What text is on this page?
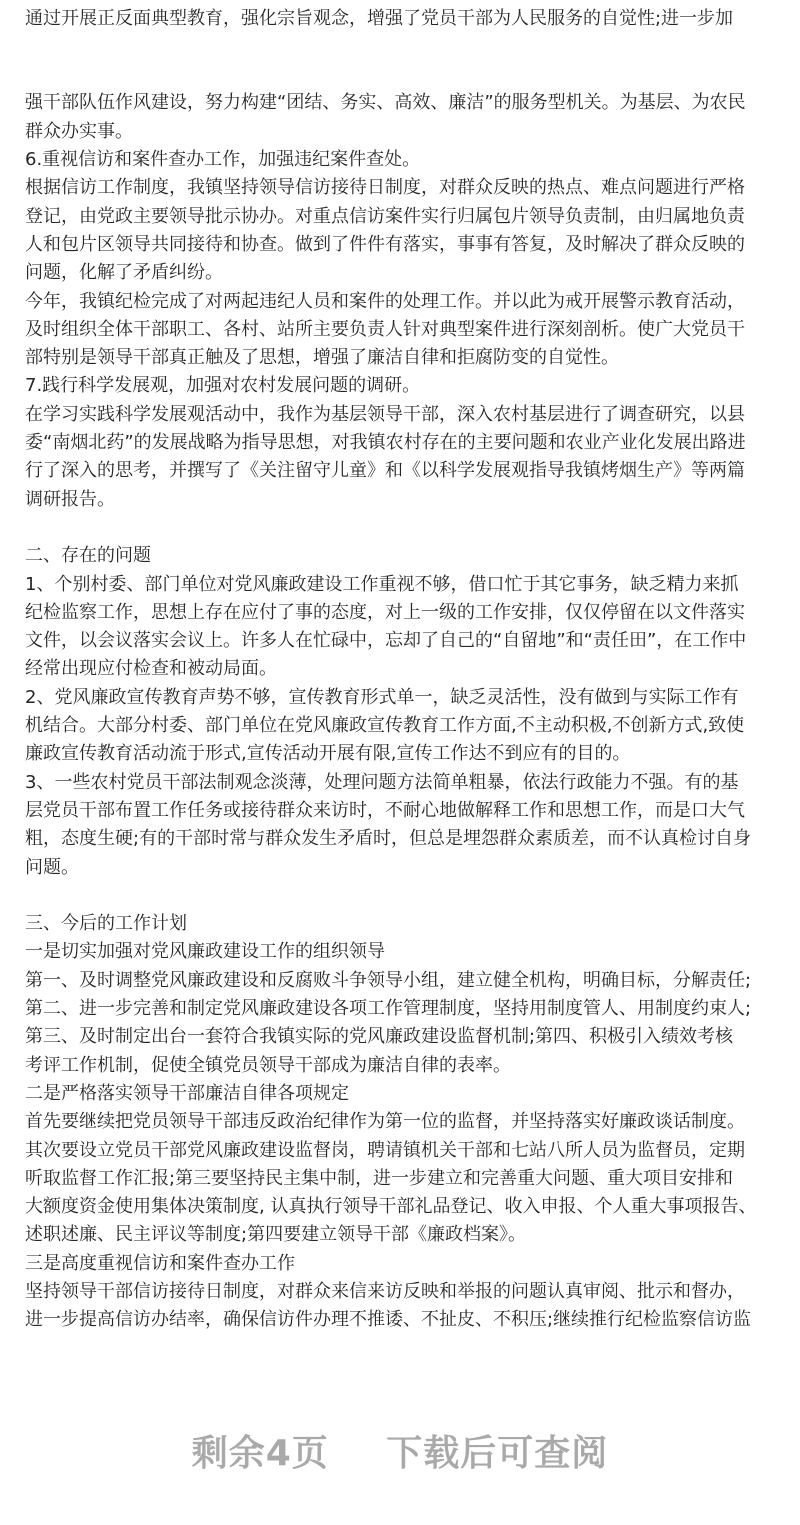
通过开展正反面典型教育，强化宗旨观念，增强了党员干部为人民服务的自觉性;进一步加
强干部队伍作风建设，努力构建“团结、务实、高效、廉洁”的服务型机关。为基层、为农民
群众办实事。
6.重视信访和案件查办工作，加强违纪案件查处。
根据信访工作制度，我镇坚持领导信访接待日制度，对群众反映的热点、难点问题进行严格
登记，由党政主要领导批示协办。对重点信访案件实行归属包片领导负责制，由归属地负责
人和包片区领导共同接待和协查。做到了件件有落实，事事有答复，及时解决了群众反映的
问题，化解了矛盾纠纷。
今年，我镇纪检完成了对两起违纪人员和案件的处理工作。并以此为戒开展警示教育活动，
及时组织全体干部职工、各村、站所主要负责人针对典型案件进行深刻剖析。使广大党员干
部特别是领导干部真正触及了思想，增强了廉洁自律和拒腐防变的自觉性。
7.践行科学发展观，加强对农村发展问题的调研。
在学习实践科学发展观活动中，我作为基层领导干部，深入农村基层进行了调查研究，以县
委“南烟北药”的发展战略为指导思想，对我镇农村存在的主要问题和农业产业化发展出路进
行了深入的思考，并撰写了《关注留守儿童》和《以科学发展观指导我镇烤烟生产》等两篇
调研报告。
二、存在的问题
1、个别村委、部门单位对党风廉政建设工作重视不够，借口忙于其它事务，缺乏精力来抓
纪检监察工作，思想上存在应付了事的态度，对上一级的工作安排，仅仅停留在以文件落实
文件，以会议落实会议上。许多人在忙碌中，忘却了自己的“自留地”和“责任田”，在工作中
经常出现应付检查和被动局面。
2、党风廉政宣传教育声势不够，宣传教育形式单一，缺乏灵活性，没有做到与实际工作有
机结合。大部分村委、部门单位在党风廉政宣传教育工作方面,不主动积极,不创新方式,致使
廉政宣传教育活动流于形式,宣传活动开展有限,宣传工作达不到应有的目的。
3、一些农村党员干部法制观念淡薄，处理问题方法简单粗暴，依法行政能力不强。有的基
层党员干部布置工作任务或接待群众来访时，不耐心地做解释工作和思想工作，而是口大气
粗，态度生硬;有的干部时常与群众发生矛盾时，但总是埋怨群众素质差，而不认真检讨自身
问题。
三、今后的工作计划
一是切实加强对党风廉政建设工作的组织领导
第一、及时调整党风廉政建设和反腐败斗争领导小组，建立健全机构，明确目标，分解责任;
第二、进一步完善和制定党风廉政建设各项工作管理制度，坚持用制度管人、用制度约束人;
第三、及时制定出台一套符合我镇实际的党风廉政建设监督机制;第四、积极引入绩效考核
考评工作机制，促使全镇党员领导干部成为廉洁自律的表率。
二是严格落实领导干部廉洁自律各项规定
首先要继续把党员领导干部违反政治纪律作为第一位的监督，并坚持落实好廉政谈话制度。
其次要设立党员干部党风廉政建设监督岗，聘请镇机关干部和七站八所人员为监督员，定期
听取监督工作汇报;第三要坚持民主集中制，进一步建立和完善重大问题、重大项目安排和
大额度资金使用集体决策制度, 认真执行领导干部礼品登记、收入申报、个人重大事项报告、
述职述廉、民主评议等制度;第四要建立领导干部《廉政档案》。
三是高度重视信访和案件查办工作
坚持领导干部信访接待日制度，对群众来信来访反映和举报的问题认真审阅、批示和督办，
进一步提高信访办结率，确保信访件办理不推诿、不扯皮、不积压;继续推行纪检监察信访监
剩余4页 下载后可查阅
